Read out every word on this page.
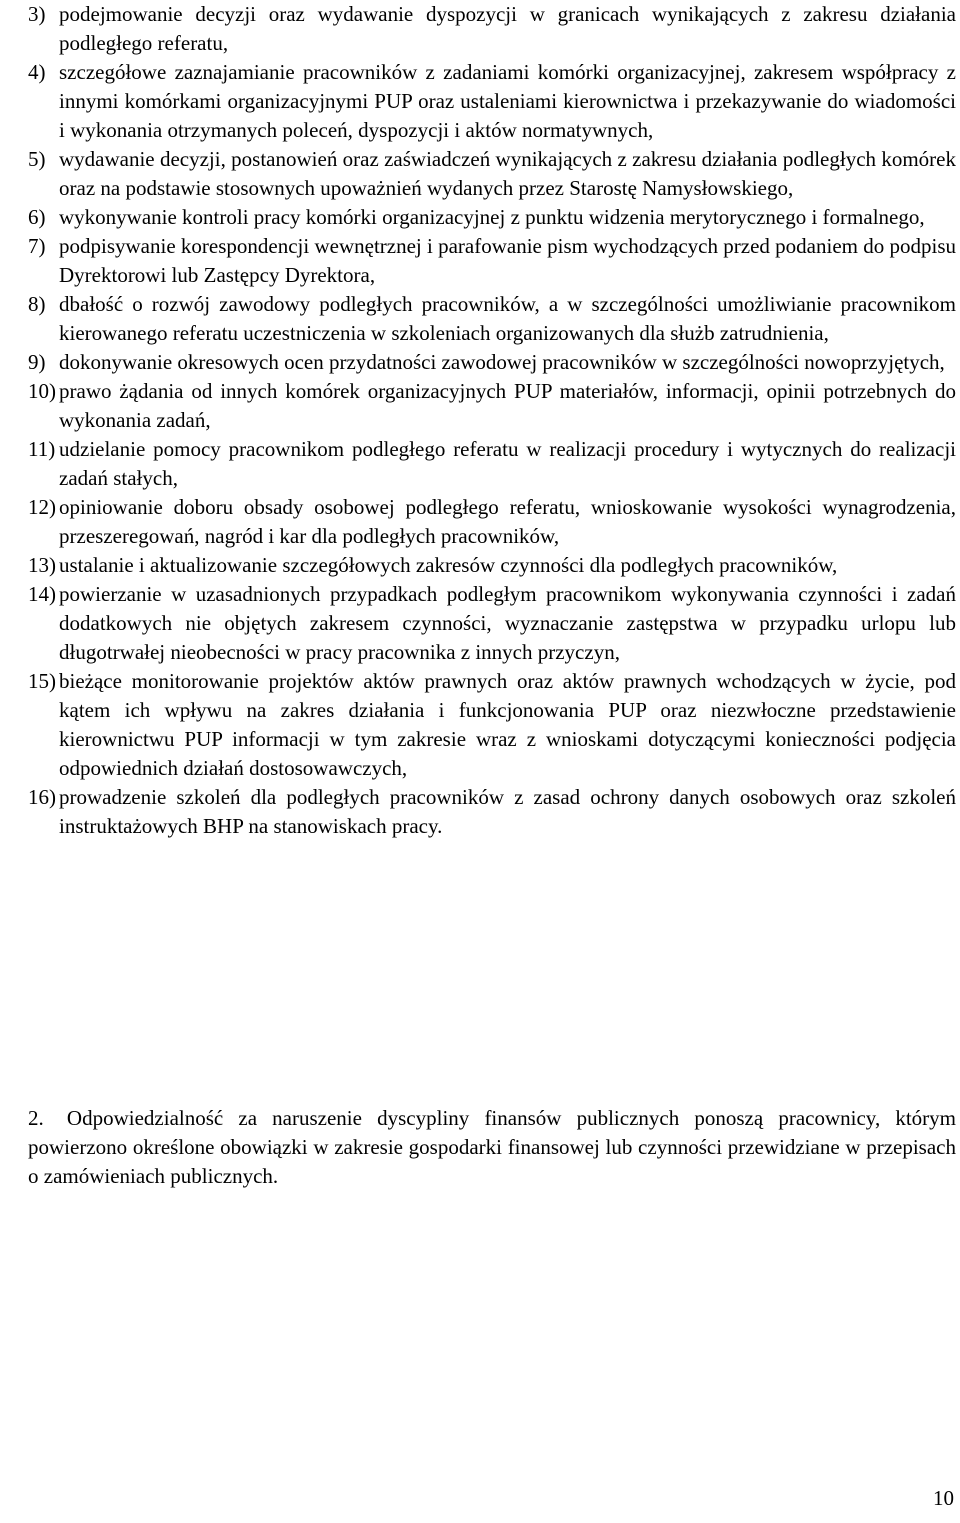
3) podejmowanie decyzji oraz wydawanie dyspozycji w granicach wynikających z zakresu działania podległego referatu,
4) szczegółowe zaznajamianie pracowników z zadaniami komórki organizacyjnej, zakresem współpracy z innymi komórkami organizacyjnymi PUP oraz ustaleniami kierownictwa i przekazywanie do wiadomości i wykonania otrzymanych poleceń, dyspozycji i aktów normatywnych,
5) wydawanie decyzji, postanowień oraz zaświadczeń wynikających z zakresu działania podległych komórek oraz na podstawie stosownych upoważnień wydanych przez Starostę Namysłowskiego,
6) wykonywanie kontroli pracy komórki organizacyjnej z punktu widzenia merytorycznego i formalnego,
7) podpisywanie korespondencji wewnętrznej i parafowanie pism wychodzących przed podaniem do podpisu Dyrektorowi lub Zastępcy Dyrektora,
8) dbałość o rozwój zawodowy podległych pracowników, a w szczególności umożliwianie pracownikom kierowanego referatu uczestniczenia w szkoleniach organizowanych dla służb zatrudnienia,
9) dokonywanie okresowych ocen przydatności zawodowej pracowników w szczególności nowoprzyjętych,
10) prawo żądania od innych komórek organizacyjnych PUP materiałów, informacji, opinii potrzebnych do wykonania zadań,
11) udzielanie pomocy pracownikom podległego referatu w realizacji procedury i wytycznych do realizacji zadań stałych,
12) opiniowanie doboru obsady osobowej podległego referatu, wnioskowanie wysokości wynagrodzenia, przeszeregowań, nagród i kar dla podległych pracowników,
13) ustalanie i aktualizowanie szczegółowych zakresów czynności dla podległych pracowników,
14) powierzanie w uzasadnionych przypadkach podległym pracownikom wykonywania czynności i zadań dodatkowych nie objętych zakresem czynności, wyznaczanie zastępstwa w przypadku urlopu lub długotrwałej nieobecności w pracy pracownika z innych przyczyn,
15) bieżące monitorowanie projektów aktów prawnych oraz aktów prawnych wchodzących w życie, pod kątem ich wpływu na zakres działania i funkcjonowania PUP oraz niezwłoczne przedstawienie kierownictwu PUP informacji w tym zakresie wraz z wnioskami dotyczącymi konieczności podjęcia odpowiednich działań dostosowawczych,
16) prowadzenie szkoleń dla podległych pracowników z zasad ochrony danych osobowych oraz szkoleń instruktażowych BHP na stanowiskach pracy.
2. Odpowiedzialność za naruszenie dyscypliny finansów publicznych ponoszą pracownicy, którym powierzono określone obowiązki w zakresie gospodarki finansowej lub czynności przewidziane w przepisach o zamówieniach publicznych.
10
